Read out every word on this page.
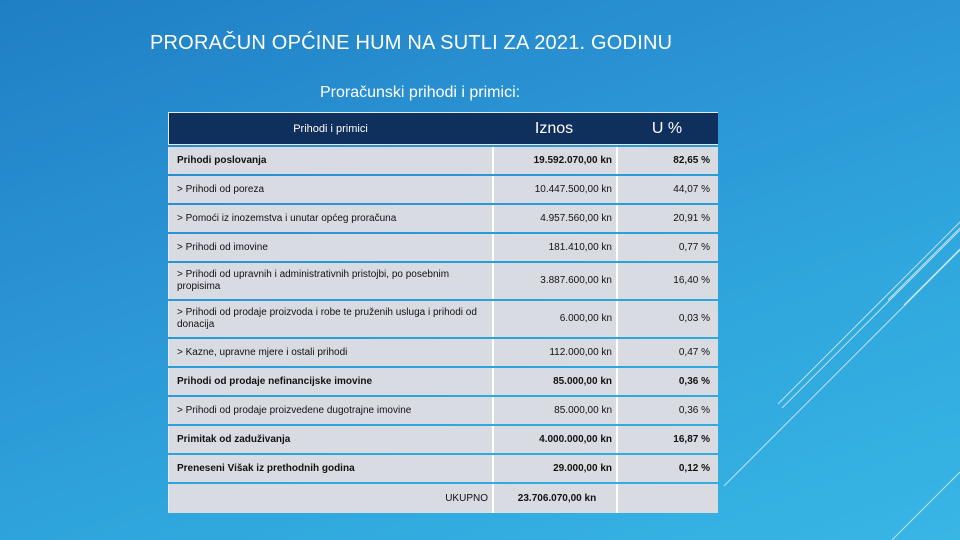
PRORAČUN OPĆINE HUM NA SUTLI ZA 2021. GODINU
Proračunski prihodi i primici:
Prihodi i primici	Iznos	U %
Prihodi poslovanja	19.592.070,00 kn	82,65 %
> Prihodi od poreza	10.447.500,00 kn	44,07 %
> Pomoći iz inozemstva i unutar općeg proračuna	4.957.560,00 kn	20,91 %
> Prihodi od imovine	181.410,00 kn	0,77 %
> Prihodi od upravnih i administrativnih pristojbi, po posebnim propisima	3.887.600,00 kn	16,40 %
> Prihodi od prodaje proizvoda i robe te pruženih usluga i prihodi od donacija	6.000,00 kn	0,03 %
> Kazne, upravne mjere i ostali prihodi	112.000,00 kn	0,47 %
Prihodi od prodaje nefinancijske imovine	85.000,00 kn	0,36 %
> Prihodi od prodaje proizvedene dugotrajne imovine	85.000,00 kn	0,36 %
Primitak od zaduživanja	4.000.000,00 kn	16,87 %
Preneseni Višak iz prethodnih godina	29.000,00 kn	0,12 %
UKUPNO	23.706.070,00 kn	
